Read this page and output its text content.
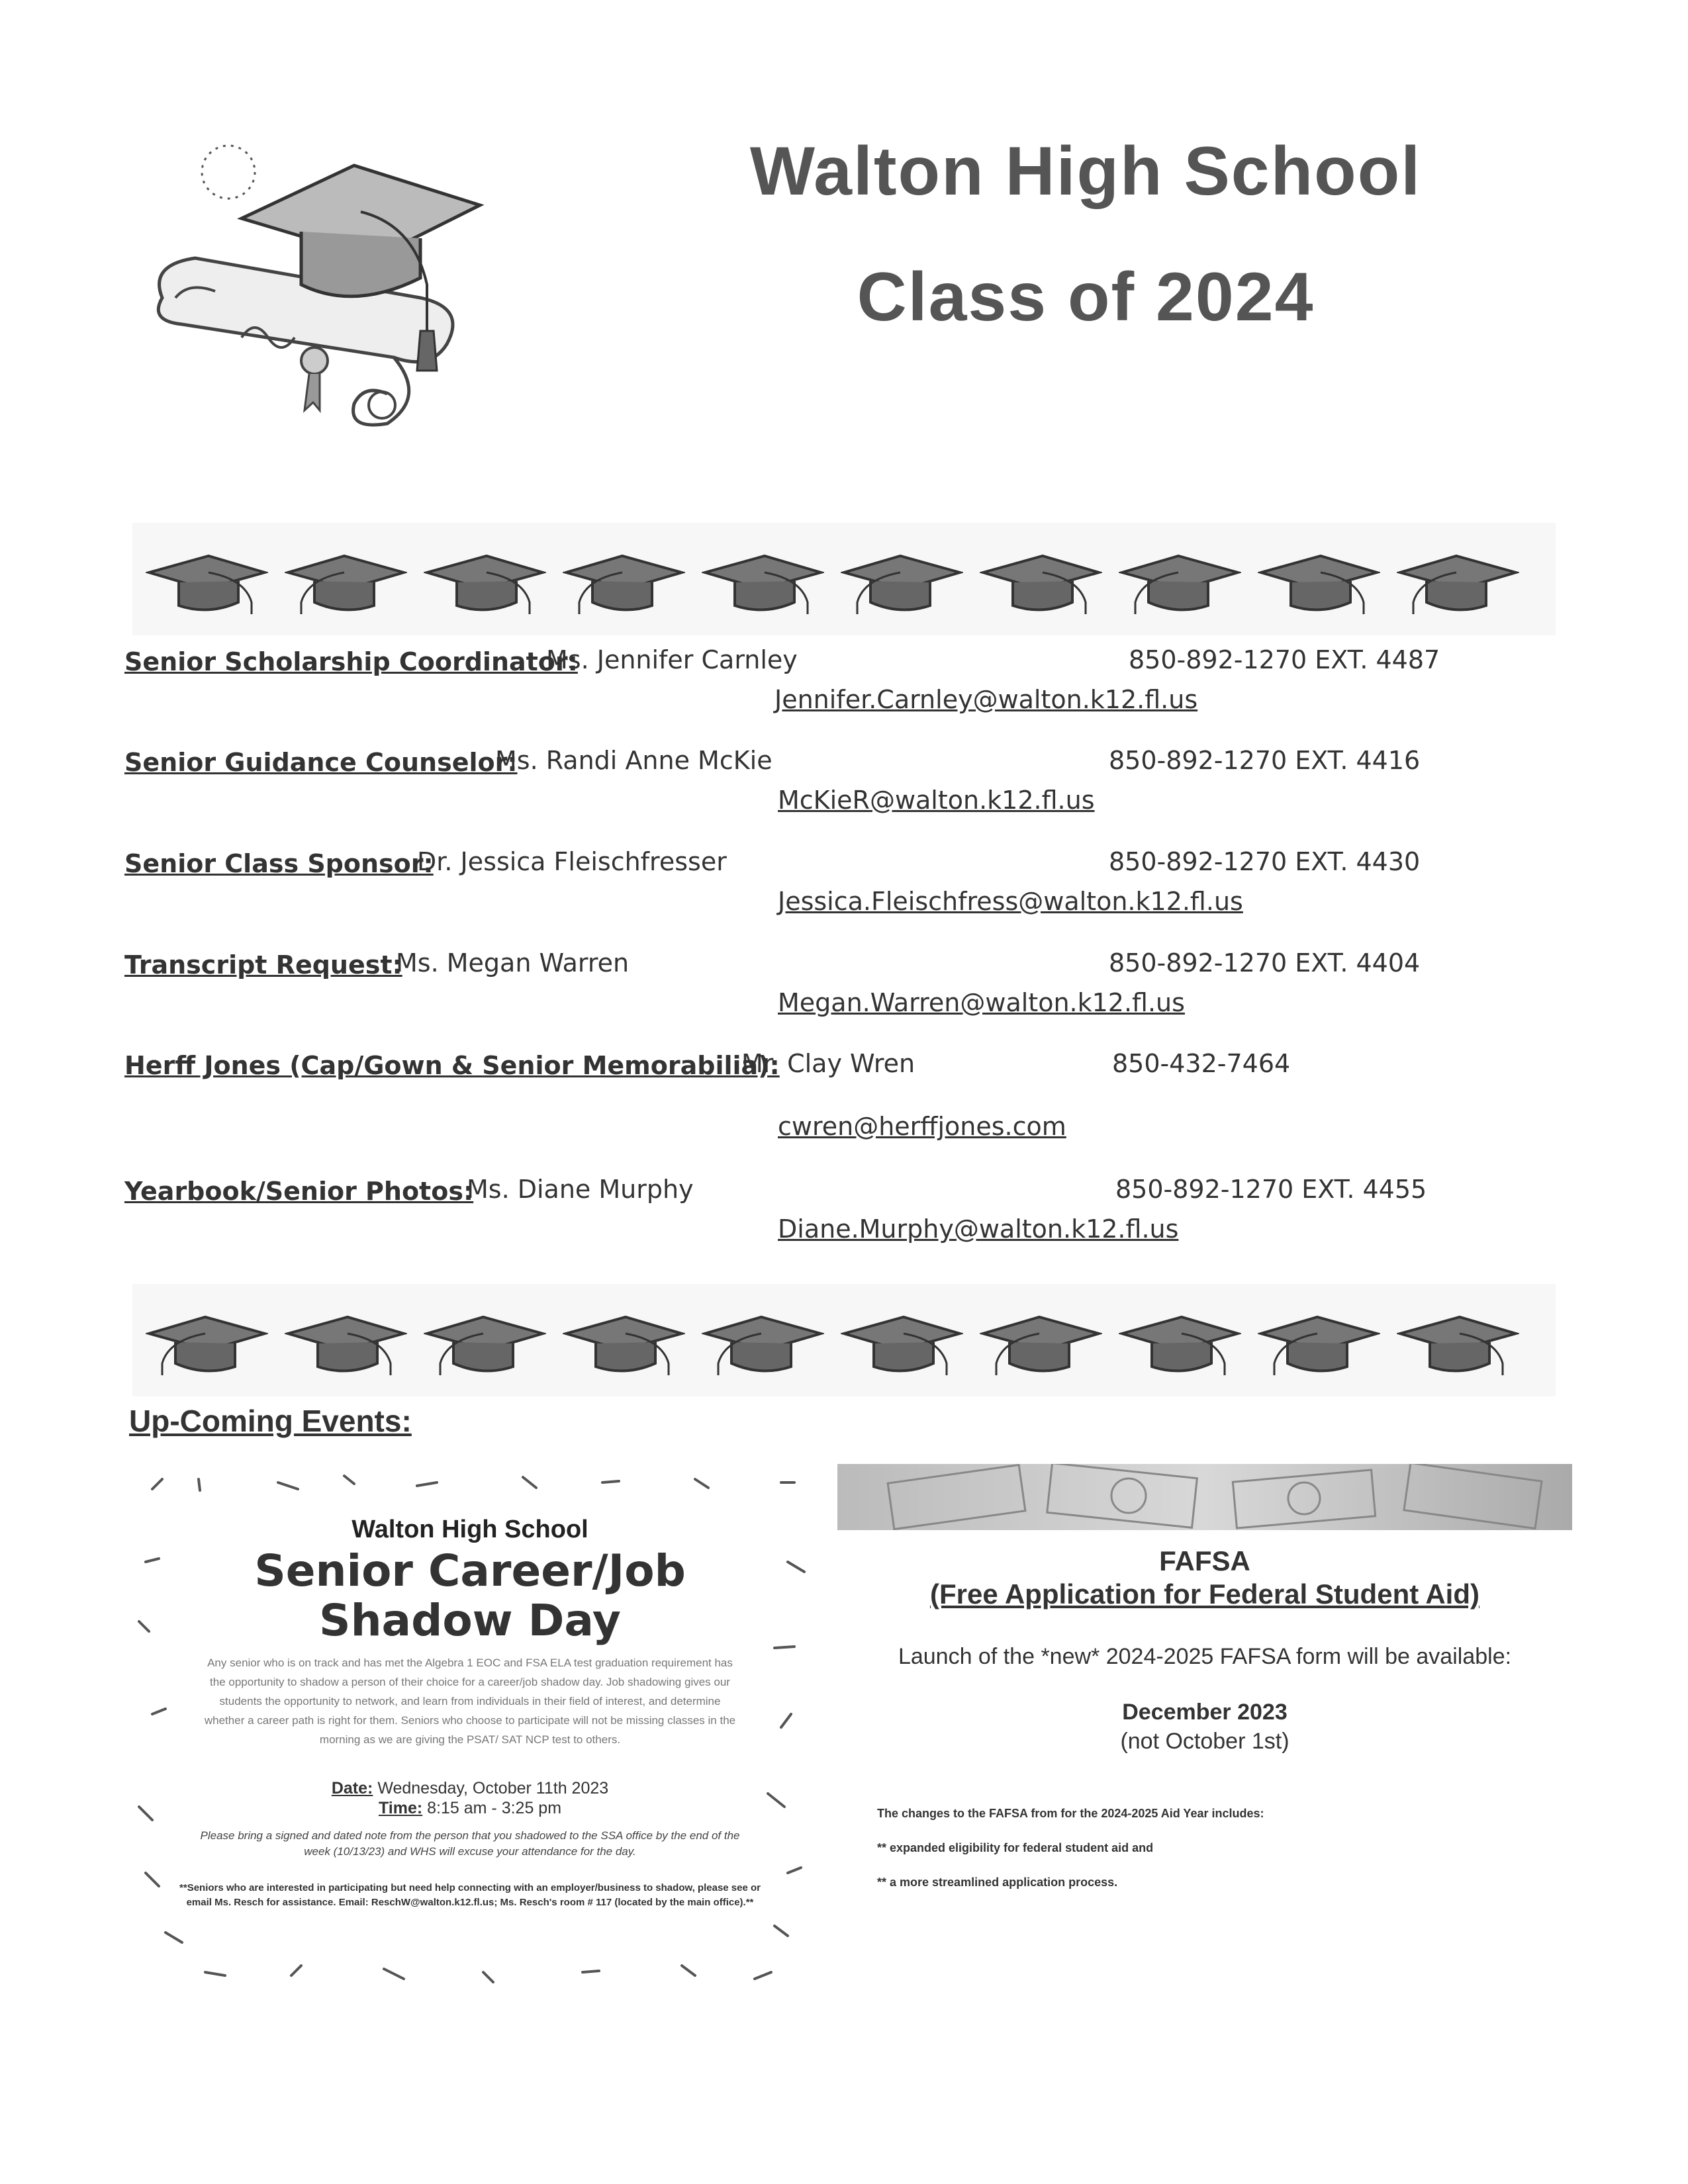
Walton High School
Class of 2024
Senior Scholarship Coordinator:
Ms. Jennifer Carnley	850-892-1270 EXT. 4487
Jennifer.Carnley@walton.k12.fl.us
Senior Guidance Counselor:
Ms. Randi Anne McKie	850-892-1270 EXT. 4416
McKieR@walton.k12.fl.us
Senior Class Sponsor:
Dr. Jessica Fleischfresser	850-892-1270 EXT. 4430
Jessica.Fleischfress@walton.k12.fl.us
Transcript Request:
Ms. Megan Warren	850-892-1270 EXT. 4404
Megan.Warren@walton.k12.fl.us
Herff Jones (Cap/Gown & Senior Memorabilia):
Mr. Clay Wren	850-432-7464
cwren@herffjones.com
Yearbook/Senior Photos:
Ms. Diane Murphy	850-892-1270 EXT. 4455
Diane.Murphy@walton.k12.fl.us
Up-Coming Events:
Walton High School
Senior Career/Job
Shadow Day
Any senior who is on track and has met the Algebra 1 EOC and FSA ELA test graduation requirement has the opportunity to shadow a person of their choice for a career/job shadow day. Job shadowing gives our students the opportunity to network, and learn from individuals in their field of interest, and determine whether a career path is right for them. Seniors who choose to participate will not be missing classes in the morning as we are giving the PSAT/ SAT NCP test to others.
Date: Wednesday, October 11th 2023
Time: 8:15 am - 3:25 pm
Please bring a signed and dated note from the person that you shadowed to the SSA office by the end of the week (10/13/23) and WHS will excuse your attendance for the day.
**Seniors who are interested in participating but need help connecting with an employer/business to shadow, please see or email Ms. Resch for assistance. Email: ReschW@walton.k12.fl.us; Ms. Resch's room # 117 (located by the main office).**
FAFSA
(Free Application for Federal Student Aid)
Launch of the *new* 2024-2025 FAFSA form will be available:
December 2023
(not October 1st)
The changes to the FAFSA from for the 2024-2025 Aid Year includes:
** expanded eligibility for federal student aid and
** a more streamlined application process.
